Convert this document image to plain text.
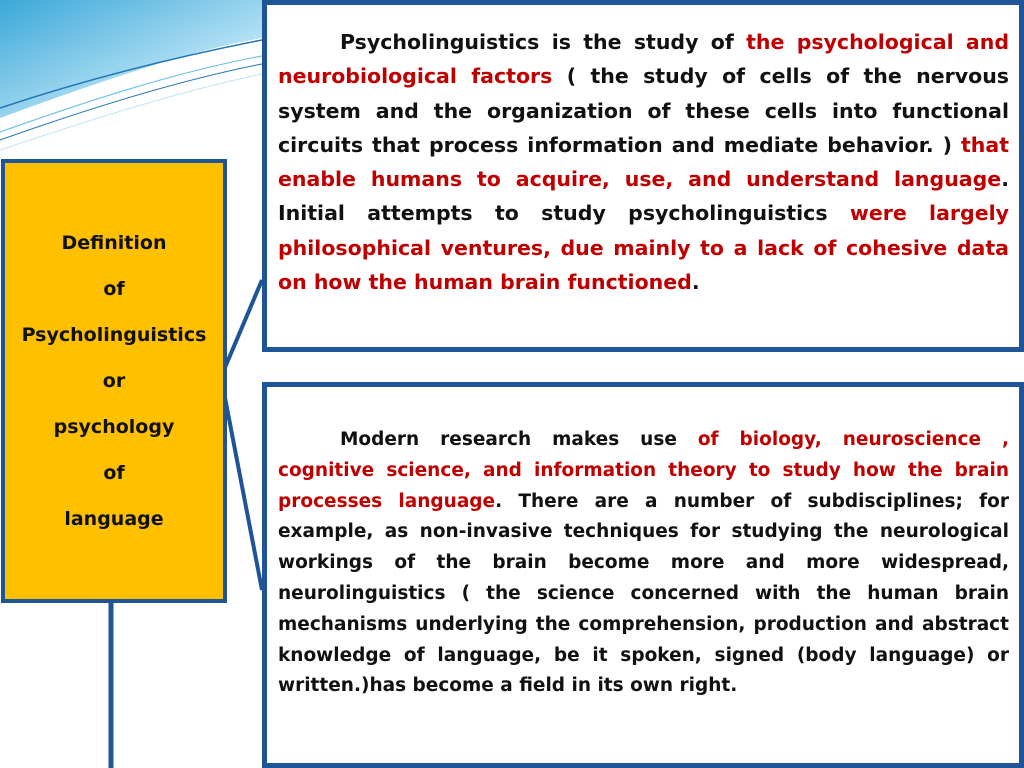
Definition
of
Psycholinguistics
or
psychology
of
language

Psycholinguistics is the study of the psychological and neurobiological factors ( the study of cells of the nervous system and the organization of these cells into functional circuits that process information and mediate behavior. ) that enable humans to acquire, use, and understand language. Initial attempts to study psycholinguistics were largely philosophical ventures, due mainly to a lack of cohesive data on how the human brain functioned.

Modern research makes use of biology, neuroscience , cognitive science, and information theory to study how the brain processes language. There are a number of subdisciplines; for example, as non-invasive techniques for studying the neurological workings of the brain become more and more widespread, neurolinguistics ( the science concerned with the human brain mechanisms underlying the comprehension, production and abstract knowledge of language, be it spoken, signed (body language) or written.)has become a field in its own right.
